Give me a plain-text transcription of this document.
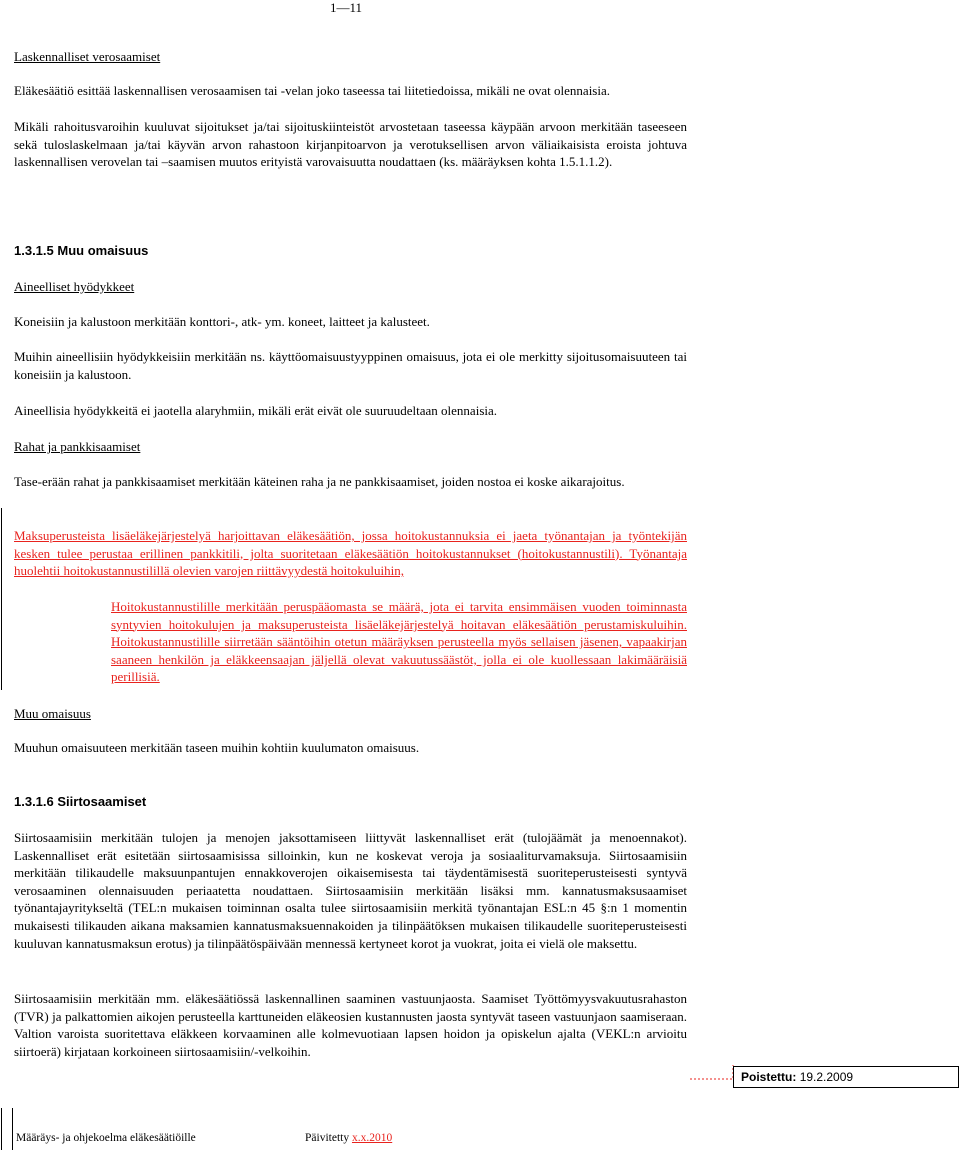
1—11

Laskennalliset verosaamiset

Eläkesäätiö esittää laskennallisen verosaamisen tai -velan joko taseessa tai liitetiedoissa, mikäli ne ovat olennaisia.

Mikäli rahoitusvaroihin kuuluvat sijoitukset ja/tai sijoituskiinteistöt arvostetaan taseessa käypään arvoon merkitään taseeseen sekä tuloslaskelmaan ja/tai käyvän arvon rahastoon kirjanpitoarvon ja verotuksellisen arvon väliaikaisista eroista johtuva laskennallisen verovelan tai –saamisen muutos erityistä varovaisuutta noudattaen (ks. määräyksen kohta 1.5.1.1.2).

1.3.1.5 Muu omaisuus

Aineelliset hyödykkeet

Koneisiin ja kalustoon merkitään konttori-, atk- ym. koneet, laitteet ja kalusteet.

Muihin aineellisiin hyödykkeisiin merkitään ns. käyttöomaisuustyyppinen omaisuus, jota ei ole merkitty sijoitusomaisuuteen tai koneisiin ja kalustoon.

Aineellisia hyödykkeitä ei jaotella alaryhmiin, mikäli erät eivät ole suuruudeltaan olennaisia.

Rahat ja pankkisaamiset

Tase-erään rahat ja pankkisaamiset merkitään käteinen raha ja ne pankkisaamiset, joiden nostoa ei koske aikarajoitus.

Maksuperusteista lisäeläkejärjestelyä harjoittavan eläkesäätiön, jossa hoitokustannuksia ei jaeta työnantajan ja työntekijän kesken tulee perustaa erillinen pankkitili, jolta suoritetaan eläkesäätiön hoitokustannukset (hoitokustannustili). Työnantaja huolehtii hoitokustannustilillä olevien varojen riittävyydestä hoitokuluihin,

Hoitokustannustilille merkitään peruspääomasta se määrä, jota ei tarvita ensimmäisen vuoden toiminnasta syntyvien hoitokulujen ja maksuperusteista lisäeläkejärjestelyä hoitavan eläkesäätiön perustamiskuluihin. Hoitokustannustilille siirretään sääntöihin otetun määräyksen perusteella myös sellaisen jäsenen, vapaakirjan saaneen henkilön ja eläkkeensaajan jäljellä olevat vakuutussäästöt, jolla ei ole kuollessaan lakimääräisiä perillisiä.

Muu omaisuus

Muuhun omaisuuteen merkitään taseen muihin kohtiin kuulumaton omaisuus.

1.3.1.6 Siirtosaamiset

Siirtosaamisiin merkitään tulojen ja menojen jaksottamiseen liittyvät laskennalliset erät (tulojäämät ja menoennakot). Laskennalliset erät esitetään siirtosaamisissa silloinkin, kun ne koskevat veroja ja sosiaaliturvamaksuja. Siirtosaamisiin merkitään tilikaudelle maksuunpantujen ennakkoverojen oikaisemisesta tai täydentämisestä suoriteperusteisesti syntyvä verosaaminen olennaisuuden periaatetta noudattaen. Siirtosaamisiin merkitään lisäksi mm. kannatusmaksusaamiset työnantajayritykseltä (TEL:n mukaisen toiminnan osalta tulee siirtosaamisiin merkitä työnantajan ESL:n 45 §:n 1 momentin mukaisesti tilikauden aikana maksamien kannatusmaksuennakoiden ja tilinpäätöksen mukaisen tilikaudelle suoriteperusteisesti kuuluvan kannatusmaksun erotus) ja tilinpäätöspäivään mennessä kertyneet korot ja vuokrat, joita ei vielä ole maksettu.

Siirtosaamisiin merkitään mm. eläkesäätiössä laskennallinen saaminen vastuunjaosta. Saamiset Työttömyysvakuutusrahaston (TVR) ja palkattomien aikojen perusteella karttuneiden eläkeosien kustannusten jaosta syntyvät taseen vastuunjaon saamiseraan. Valtion varoista suoritettava eläkkeen korvaaminen alle kolmevuotiaan lapsen hoidon ja opiskelun ajalta (VEKL:n arvioitu siirtoerä) kirjataan korkoineen siirtosaamisiin/-velkoihin.

Poistettu: 19.2.2009
Määräys- ja ohjekoelma eläkesäätiöille	Päivitetty x.x.2010
